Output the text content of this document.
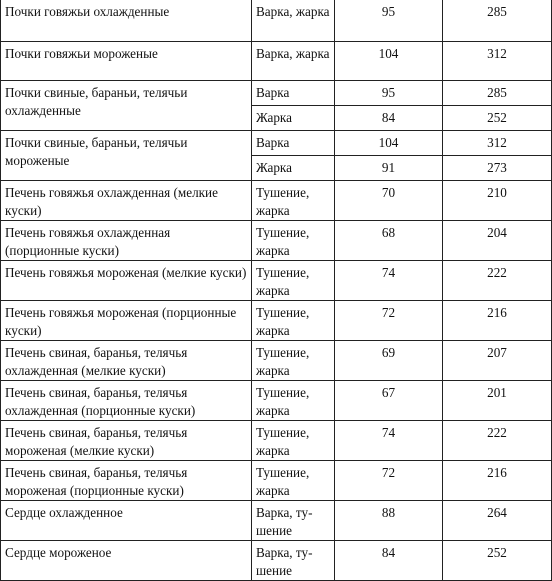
Почки говяжьи охлажденные	Варка, жарка	95	285
Почки говяжьи мороженые	Варка, жарка	104	312
Почки свиные, бараньи, телячьи охлажденные	Варка	95	285
	Жарка	84	252
Почки свиные, бараньи, телячьи мороженые	Варка	104	312
	Жарка	91	273
Печень говяжья охлажденная (мелкие куски)	Тушение, жарка	70	210
Печень говяжья охлажденная (порционные куски)	Тушение, жарка	68	204
Печень говяжья мороженая (мелкие куски)	Тушение, жарка	74	222
Печень говяжья мороженая (порционные куски)	Тушение, жарка	72	216
Печень свиная, баранья, телячья охлажденная (мелкие куски)	Тушение, жарка	69	207
Печень свиная, баранья, телячья охлажденная (порционные куски)	Тушение, жарка	67	201
Печень свиная, баранья, телячья мороженая (мелкие куски)	Тушение, жарка	74	222
Печень свиная, баранья, телячья мороженая (порционные куски)	Тушение, жарка	72	216
Сердце охлажденное	Варка, ту-шение	88	264
Сердце мороженое	Варка, ту-шение	84	252
